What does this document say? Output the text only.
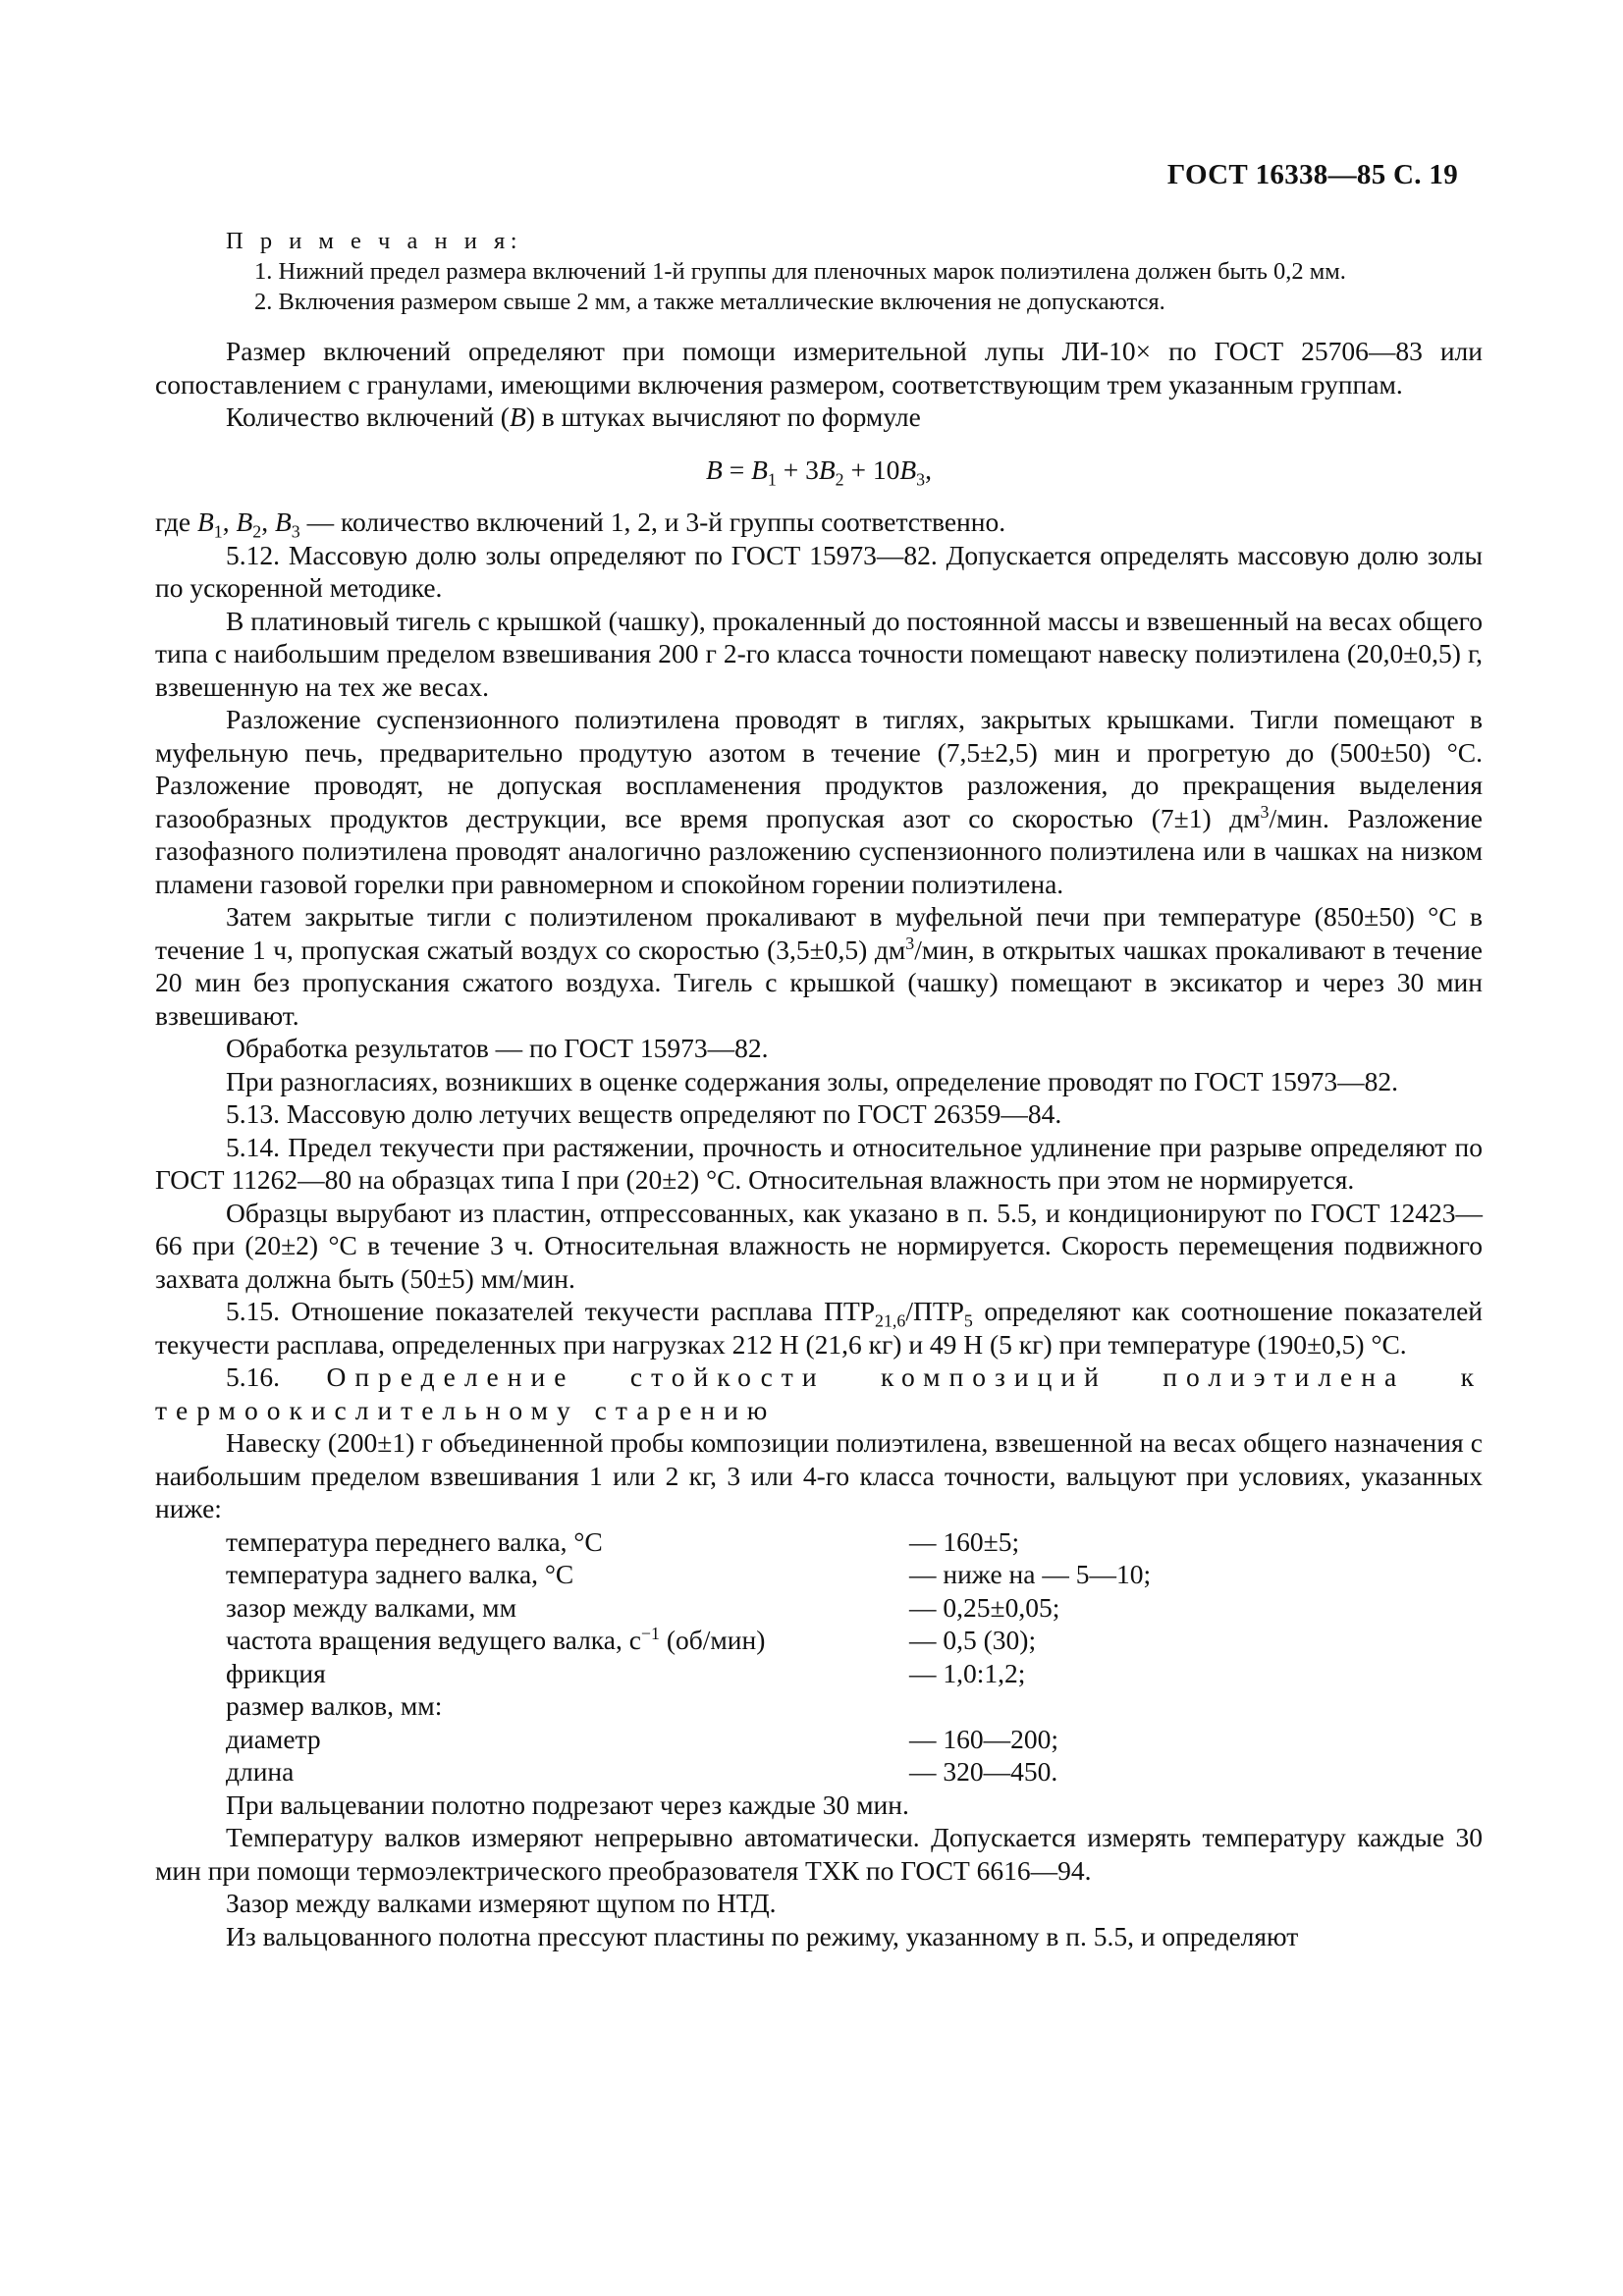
ГОСТ 16338—85 С. 19
П р и м е ч а н и я:
1. Нижний предел размера включений 1-й группы для пленочных марок полиэтилена должен быть 0,2 мм.
2. Включения размером свыше 2 мм, а также металлические включения не допускаются.

Размер включений определяют при помощи измерительной лупы ЛИ-10× по ГОСТ 25706—83 или сопоставлением с гранулами, имеющими включения размером, соответствующим трем указанным группам.

Количество включений (B) в штуках вычисляют по формуле

$B = B_1 + 3B_2 + 10B_3$,

где $B_1$, $B_2$, $B_3$ — количество включений 1, 2, и 3-й группы соответственно.

5.12. Массовую долю золы определяют по ГОСТ 15973—82. Допускается определять массовую долю золы по ускоренной методике.

В платиновый тигель с крышкой (чашку), прокаленный до постоянной массы и взвешенный на весах общего типа с наибольшим пределом взвешивания 200 г 2-го класса точности помещают навеску полиэтилена (20,0±0,5) г, взвешенную на тех же весах.

Разложение суспензионного полиэтилена проводят в тиглях, закрытых крышками. Тигли помещают в муфельную печь, предварительно продутую азотом в течение (7,5±2,5) мин и прогретую до (500±50) °С. Разложение проводят, не допуская воспламенения продуктов разложения, до прекращения выделения газообразных продуктов деструкции, все время пропуская азот со скоростью (7±1) $дм^3$/мин. Разложение газофазного полиэтилена проводят аналогично разложению суспензионного полиэтилена или в чашках на низком пламени газовой горелки при равномерном и спокойном горении полиэтилена.

Затем закрытые тигли с полиэтиленом прокаливают в муфельной печи при температуре (850±50) °С в течение 1 ч, пропуская сжатый воздух со скоростью (3,5±0,5) $дм^3$/мин, в открытых чашках прокаливают в течение 20 мин без пропускания сжатого воздуха. Тигель с крышкой (чашку) помещают в эксикатор и через 30 мин взвешивают.

Обработка результатов — по ГОСТ 15973—82.

При разногласиях, возникших в оценке содержания золы, определение проводят по ГОСТ 15973—82.

5.13. Массовую долю летучих веществ определяют по ГОСТ 26359—84.

5.14. Предел текучести при растяжении, прочность и относительное удлинение при разрыве определяют по ГОСТ 11262—80 на образцах типа I при (20±2) °С. Относительная влажность при этом не нормируется.

Образцы вырубают из пластин, отпрессованных, как указано в п. 5.5, и кондиционируют по ГОСТ 12423—66 при (20±2) °С в течение 3 ч. Относительная влажность не нормируется. Скорость перемещения подвижного захвата должна быть (50±5) мм/мин.

5.15. Отношение показателей текучести расплава $ПТР_{21,6}/ПТР_5$ определяют как соотношение показателей текучести расплава, определенных при нагрузках 212 Н (21,6 кг) и 49 Н (5 кг) при температуре (190±0,5) °С.

5.16. Определение стойкости композиций полиэтилена к термоокислительному старению

Навеску (200±1) г объединенной пробы композиции полиэтилена, взвешенной на весах общего назначения с наибольшим пределом взвешивания 1 или 2 кг, 3 или 4-го класса точности, вальцуют при условиях, указанных ниже:

температура переднего валка, °С	— 160±5;
температура заднего валка, °С	— ниже на — 5—10;
зазор между валками, мм	— 0,25±0,05;
частота вращения ведущего валка, $с^{-1}$ (об/мин)	— 0,5 (30);
фрикция	— 1,0:1,2;
размер валков, мм:
диаметр	— 160—200;
длина	— 320—450.

При вальцевании полотно подрезают через каждые 30 мин.

Температуру валков измеряют непрерывно автоматически. Допускается измерять температуру каждые 30 мин при помощи термоэлектрического преобразователя ТХК по ГОСТ 6616—94.

Зазор между валками измеряют щупом по НТД.

Из вальцованного полотна прессуют пластины по режиму, указанному в п. 5.5, и определяют
